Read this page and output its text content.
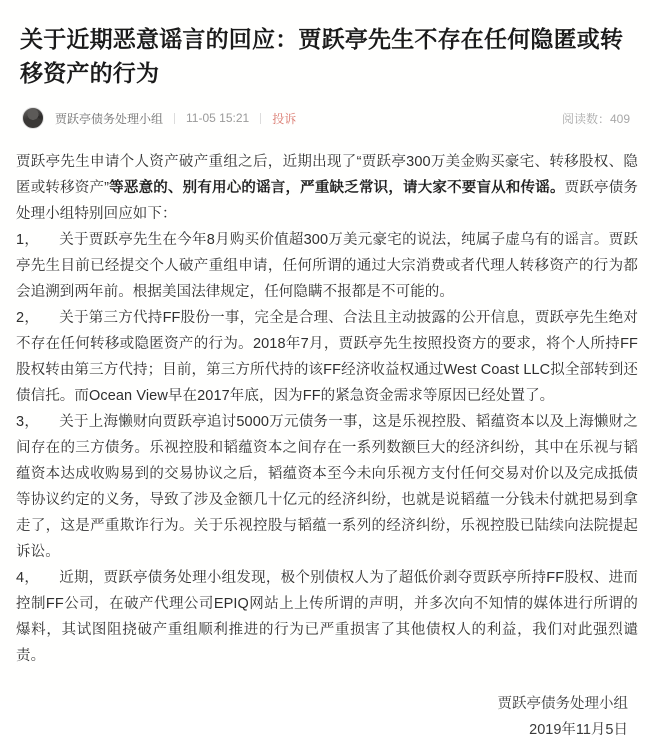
关于近期恶意谣言的回应：贾跃亭先生不存在任何隐匿或转移资产的行为
贾跃亭债务处理小组 11-05 15:21 投诉	阅读数：409

贾跃亭先生申请个人资产破产重组之后，近期出现了“贾跃亭300万美金购买豪宅、转移股权、隐匿或转移资产”等恶意的、别有用心的谣言，严重缺乏常识，请大家不要盲从和传谣。贾跃亭债务处理小组特别回应如下：

1， 关于贾跃亭先生在今年8月购买价值超300万美元豪宅的说法，纯属子虚乌有的谣言。贾跃亭先生目前已经提交个人破产重组申请，任何所谓的通过大宗消费或者代理人转移资产的行为都会追溯到两年前。根据美国法律规定，任何隐瞒不报都是不可能的。

2， 关于第三方代持FF股份一事，完全是合理、合法且主动披露的公开信息，贾跃亭先生绝对不存在任何转移或隐匿资产的行为。2018年7月，贾跃亭先生按照投资方的要求，将个人所持FF股权转由第三方代持；目前，第三方所代持的该FF经济收益权通过West Coast LLC拟全部转到还债信托。而Ocean View早在2017年底，因为FF的紧急资金需求等原因已经处置了。

3， 关于上海懒财向贾跃亭追讨5000万元债务一事，这是乐视控股、韬蕴资本以及上海懒财之间存在的三方债务。乐视控股和韬蕴资本之间存在一系列数额巨大的经济纠纷，其中在乐视与韬蕴资本达成收购易到的交易协议之后，韬蕴资本至今未向乐视方支付任何交易对价以及完成抵债等协议约定的义务，导致了涉及金额几十亿元的经济纠纷，也就是说韬蕴一分钱未付就把易到拿走了，这是严重欺诈行为。关于乐视控股与韬蕴一系列的经济纠纷，乐视控股已陆续向法院提起诉讼。

4， 近期，贾跃亭债务处理小组发现，极个别债权人为了超低价剥夺贾跃亭所持FF股权、进而控制FF公司，在破产代理公司EPIQ网站上上传所谓的声明，并多次向不知情的媒体进行所谓的爆料，其试图阻挠破产重组顺利推进的行为已严重损害了其他债权人的利益，我们对此强烈谴责。

贾跃亭债务处理小组
2019年11月5日
